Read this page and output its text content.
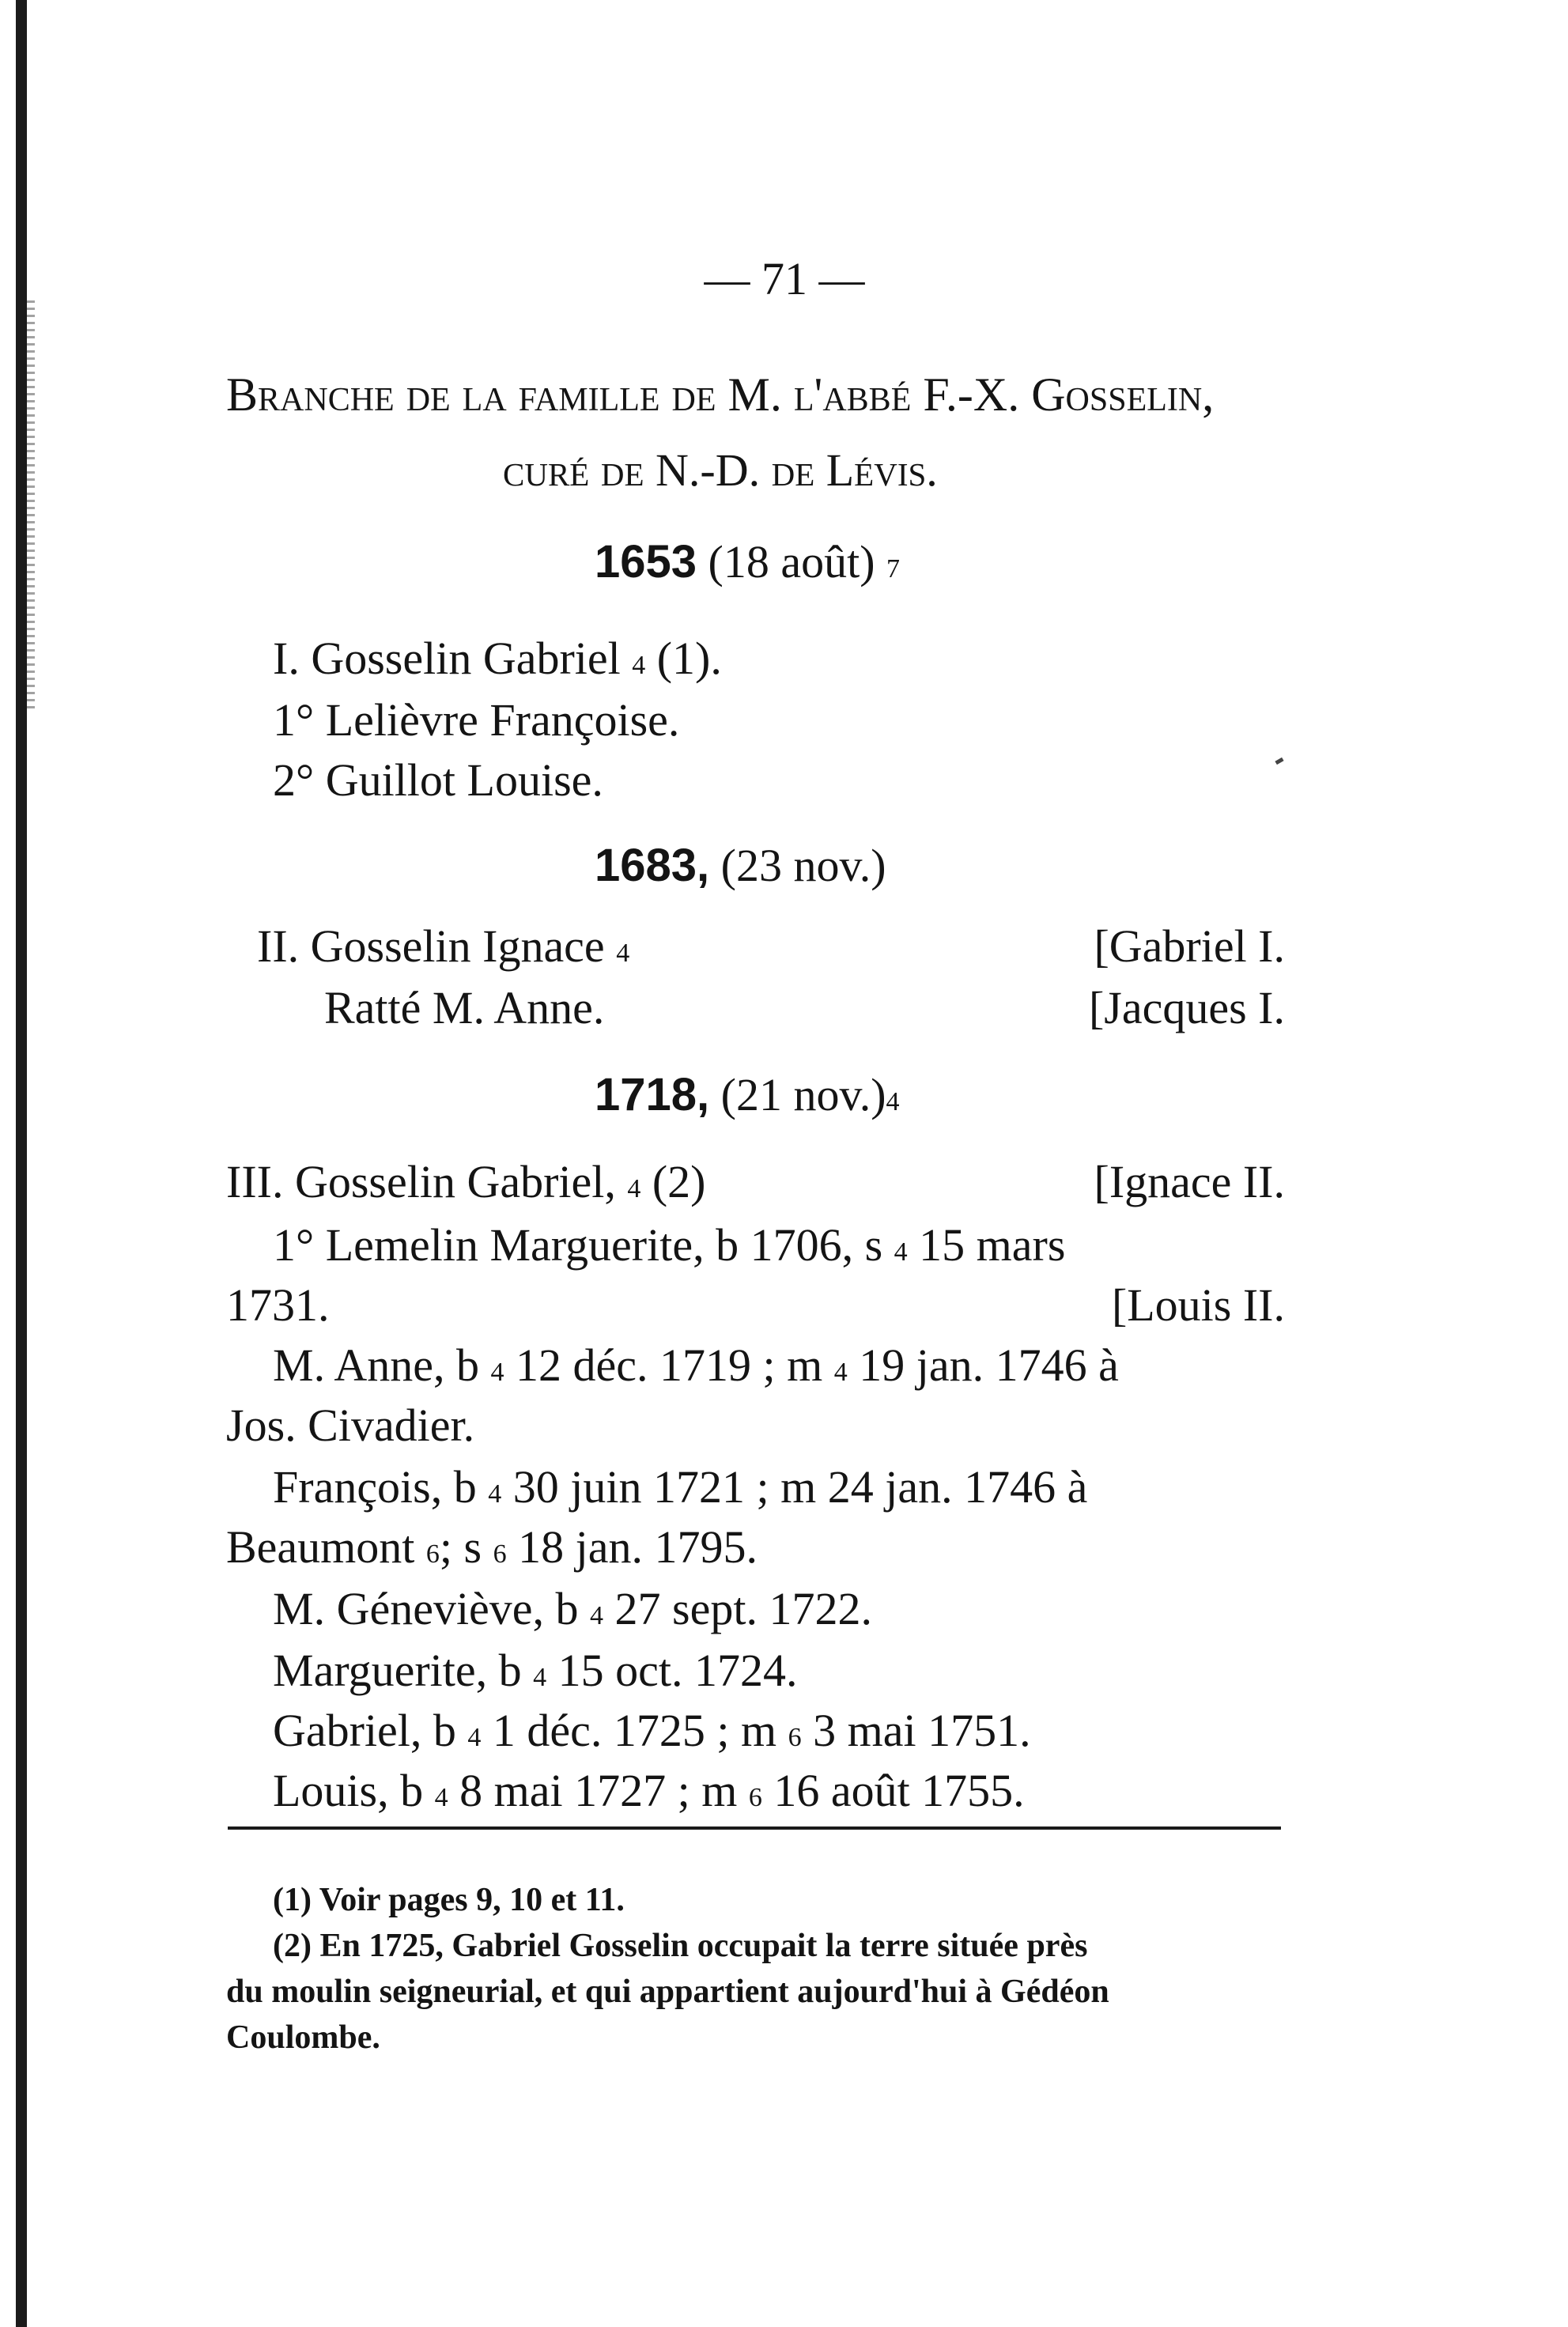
— 71 —
Branche de la famille de M. l'abbé F.-X. Gosselin,
curé de N.-D. de Lévis.
1653 (18 août) 7
I. Gosselin Gabriel 4 (1).
1° Lelièvre Françoise.
2° Guillot Louise.
1683, (23 nov.)
II. Gosselin Ignace 4	[Gabriel I.
Ratté M. Anne.	[Jacques I.
1718, (21 nov.)4
III. Gosselin Gabriel, 4 (2)	[Ignace II.
1° Lemelin Marguerite, b 1706, s 4 15 mars
1731.	[Louis II.
M. Anne, b 4 12 déc. 1719 ; m 4 19 jan. 1746 à
Jos. Civadier.
François, b 4 30 juin 1721 ; m 24 jan. 1746 à
Beaumont 6; s 6 18 jan. 1795.
M. Géneviève, b 4 27 sept. 1722.
Marguerite, b 4 15 oct. 1724.
Gabriel, b 4 1 déc. 1725 ; m 6 3 mai 1751.
Louis, b 4 8 mai 1727 ; m 6 16 août 1755.
(1) Voir pages 9, 10 et 11.
(2) En 1725, Gabriel Gosselin occupait la terre située près
du moulin seigneurial, et qui appartient aujourd'hui à Gédéon
Coulombe.
